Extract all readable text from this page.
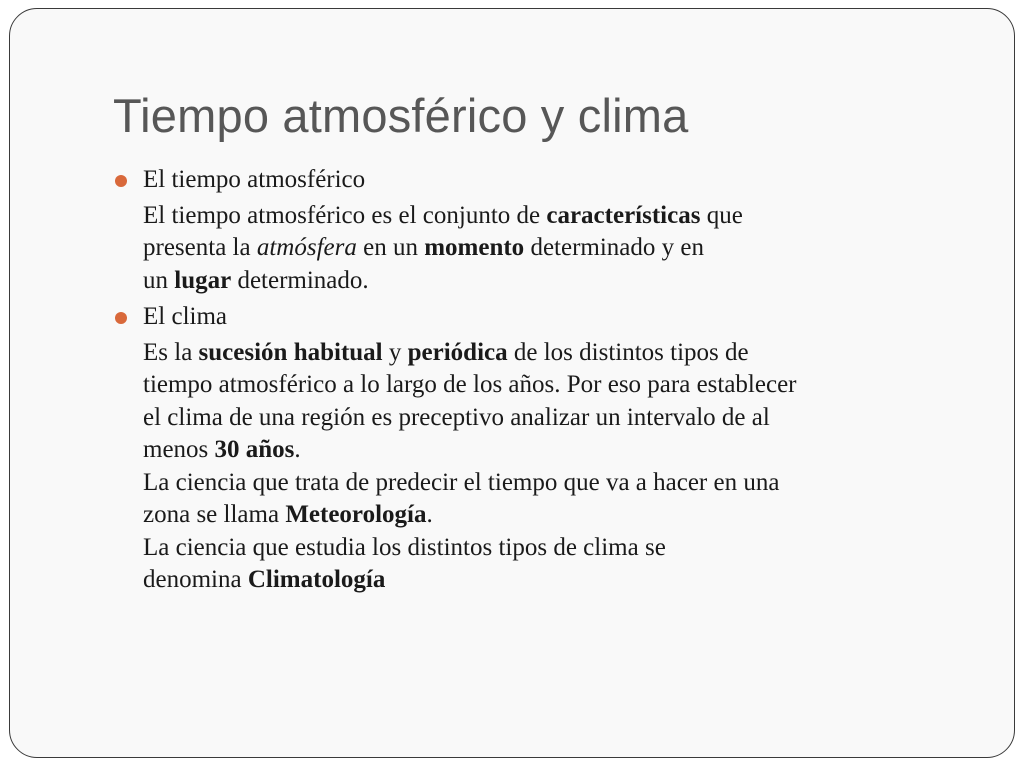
Tiempo atmosférico y clima
El tiempo atmosférico
El tiempo atmosférico es el conjunto de características que
presenta la atmósfera en un momento determinado y en
un lugar determinado.
El clima
Es la sucesión habitual y periódica de los distintos tipos de
tiempo atmosférico a lo largo de los años. Por eso para establecer
el clima de una región es preceptivo analizar un intervalo de al
menos 30 años.
La ciencia que trata de predecir el tiempo que va a hacer en una
zona se llama Meteorología.
La ciencia que estudia los distintos tipos de clima se
denomina Climatología
